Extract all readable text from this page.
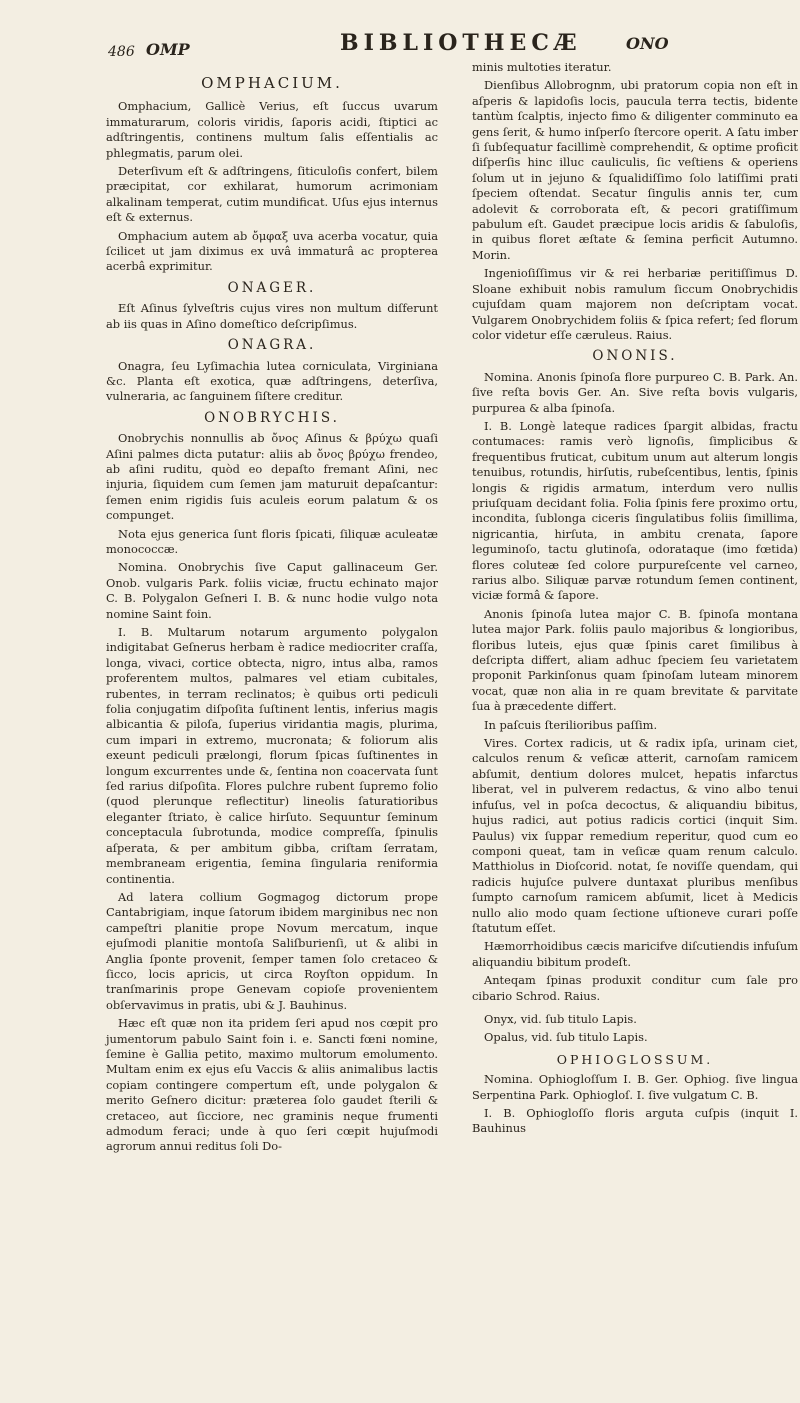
486 OMP	BIBLIOTHECÆ	ONO
OMPHACIUM.

Omphacium, Gallicè Verius, eſt ſuccus uvarum immaturarum, coloris viridis, ſaporis acidi, ſtiptici ac adſtringentis, continens multum ſalis eſſentialis ac phlegmatis, parum olei.

Deterſivum eſt & adſtringens, ſiticuloſis confert, bilem præcipitat, cor exhilarat, humorum acrimoniam alkalinam temperat, cutim mundificat. Uſus ejus internus eſt & externus.

Omphacium autem ab ὄμφαξ uva acerba vocatur, quia ſcilicet ut jam diximus ex uvâ immaturâ ac propterea acerbâ exprimitur.

ONAGER.

Eſt Aſinus ſylveſtris cujus vires non multum diſferunt ab iis quas in Aſino domeſtico deſcripſimus.

ONAGRA.

Onagra, ſeu Lyſimachia lutea corniculata, Virginiana &c. Planta eſt exotica, quæ adſtringens, deterſiva, vulneraria, ac ſanguinem ſiſtere creditur.

ONOBRYCHIS.

Onobrychis nonnullis ab ὄνος Aſinus & βρύχω quaſi Aſini palmes dicta putatur: aliis ab ὄνος βρύχω frendeo, ab aſini ruditu, quòd eo depaſto fremant Aſini, nec injuria, ſiquidem cum ſemen jam maturuit depaſcantur: ſemen enim rigidis ſuis aculeis eorum palatum & os compunget.

Nota ejus generica ſunt floris ſpicati, ſiliquæ aculeatæ monococcæ.

Nomina. Onobrychis ſive Caput gallinaceum Ger. Onob. vulgaris Park. foliis viciæ, fructu echinato major C. B. Polygalon Geſneri I. B. & nunc hodie vulgo nota nomine Saint foin.

I. B. Multarum notarum argumento polygalon indigitabat Geſnerus herbam è radice mediocriter craſſa, longa, vivaci, cortice obtecta, nigro, intus alba, ramos proferentem multos, palmares vel etiam cubitales, rubentes, in terram reclinatos; è quibus orti pediculi folia conjugatim diſpoſita ſuſtinent lentis, inferius magis albicantia & piloſa, ſuperius viridantia magis, plurima, cum impari in extremo, mucronata; & foliorum alis exeunt pediculi prælongi, florum ſpicas ſuſtinentes in longum excurrentes unde &, ſentina non coacervata ſunt ſed rarius diſpoſita. Flores pulchre rubent ſupremo folio (quod plerunque reflectitur) lineolis ſaturatioribus eleganter ſtriato, è calice hirſuto. Sequuntur ſeminum conceptacula ſubrotunda, modice compreſſa, ſpinulis aſperata, & per ambitum gibba, criſtam ſerratam, membraneam erigentia, ſemina ſingularia reniformia continentia.

Ad latera collium Gogmagog dictorum prope Cantabrigiam, inque ſatorum ibidem marginibus nec non campeſtri planitie prope Novum mercatum, inque ejuſmodi planitie montoſa Saliſburienſi, ut & alibi in Anglia ſponte provenit, ſemper tamen ſolo cretaceo & ſicco, locis apricis, ut circa Royſton oppidum. In tranſmarinis prope Genevam copioſe provenientem obſervavimus in pratis, ubi & J. Bauhinus.

Hæc eſt quæ non ita pridem ſeri apud nos cœpit pro jumentorum pabulo Saint foin i. e. Sancti fœni nomine, ſemine è Gallia petito, maximo multorum emolumento. Multam enim ex ejus eſu Vaccis & aliis animalibus lactis copiam contingere compertum eſt, unde polygalon & merito Geſnero dicitur: præterea ſolo gaudet ſterili & cretaceo, aut ſicciore, nec graminis neque frumenti admodum feraci; unde à quo ſeri cœpit hujuſmodi agrorum annui reditus ſoli Do-

minis multoties iteratur.

Dienſibus Allobrognm, ubi pratorum copia non eſt in aſperis & lapidoſis locis, paucula terra tectis, bidente tantùm ſcalptis, injecto fimo & diligenter comminuto ea gens ſerit, & humo inſperſo ſtercore operit. A ſatu imber ſi ſubſequatur facillimè comprehendit, & optime proficit diſperſis hinc illuc cauliculis, ſic veſtiens & operiens ſolum ut in jejuno & ſqualidiſſimo ſolo latiſſimi prati ſpeciem oſtendat. Secatur ſingulis annis ter, cum adolevit & corroborata eſt, & pecori gratiſſimum pabulum eſt. Gaudet præcipue locis aridis & ſabuloſis, in quibus floret æſtate & ſemina perficit Autumno. Morin.

Ingenioſiſſimus vir & rei herbariæ peritiſſimus D. Sloane exhibuit nobis ramulum ſiccum Onobrychidis cujuſdam quam majorem non deſcriptam vocat. Vulgarem Onobrychidem foliis & ſpica refert; ſed florum color videtur eſſe cæruleus. Raius.

ONONIS.

Nomina. Anonis ſpinoſa flore purpureo C. B. Park. An. ſive reſta bovis Ger. An. Sive reſta bovis vulgaris, purpurea & alba ſpinoſa.

I. B. Longè lateque radices ſpargit albidas, fractu contumaces: ramis verò lignoſis, ſimplicibus & frequentibus fruticat, cubitum unum aut alterum longis tenuibus, rotundis, hirſutis, rubeſcentibus, lentis, ſpinis longis & rigidis armatum, interdum vero nullis priuſquam decidant folia. Folia ſpinis fere proximo ortu, incondita, ſublonga ciceris ſingulatibus foliis ſimillima, nigricantia, hirſuta, in ambitu crenata, ſapore leguminoſo, tactu glutinoſa, odorataque (imo fœtida) flores coluteæ ſed colore purpureſcente vel carneo, rarius albo. Siliquæ parvæ rotundum ſemen continent, viciæ formâ & ſapore.

Anonis ſpinoſa lutea major C. B. ſpinoſa montana lutea major Park. foliis paulo majoribus & longioribus, floribus luteis, ejus quæ ſpinis caret ſimilibus à deſcripta differt, aliam adhuc ſpeciem ſeu varietatem proponit Parkinſonus quam ſpinoſam luteam minorem vocat, quæ non alia in re quam brevitate & parvitate ſua à præcedente differt.

In paſcuis ſterilioribus paſſim.

Vires. Cortex radicis, ut & radix ipſa, urinam ciet, calculos renum & veſicæ atterit, carnoſam ramicem abſumit, dentium dolores mulcet, hepatis infarctus liberat, vel in pulverem redactus, & vino albo tenui infuſus, vel in poſca decoctus, & aliquandiu bibitus, hujus radici, aut potius radicis cortici (inquit Sim. Paulus) vix ſuppar remedium reperitur, quod cum eo componi queat, tam in veſicæ quam renum calculo. Matthiolus in Dioſcorid. notat, ſe noviſſe quendam, qui radicis hujuſce pulvere duntaxat pluribus menſibus ſumpto carnoſum ramicem abſumit, licet à Medicis nullo alio modo quam ſectione uſtioneve curari poſſe ſtatutum eſſet.

Hæmorrhoidibus cæcis maricifve diſcutiendis infuſum aliquandiu bibitum prodeſt.

Anteqam ſpinas produxit conditur cum ſale pro cibario Schrod. Raius.

Onyx, vid. ſub titulo Lapis.

Opalus, vid. ſub titulo Lapis.

OPHIOGLOSSUM.

Nomina. Ophiogloſſum I. B. Ger. Ophiog. ſive lingua Serpentina Park. Ophiogloſ. I. ſive vulgatum C. B.

I. B. Ophiogloſſo floris arguta cuſpis (inquit I. Bauhinus
